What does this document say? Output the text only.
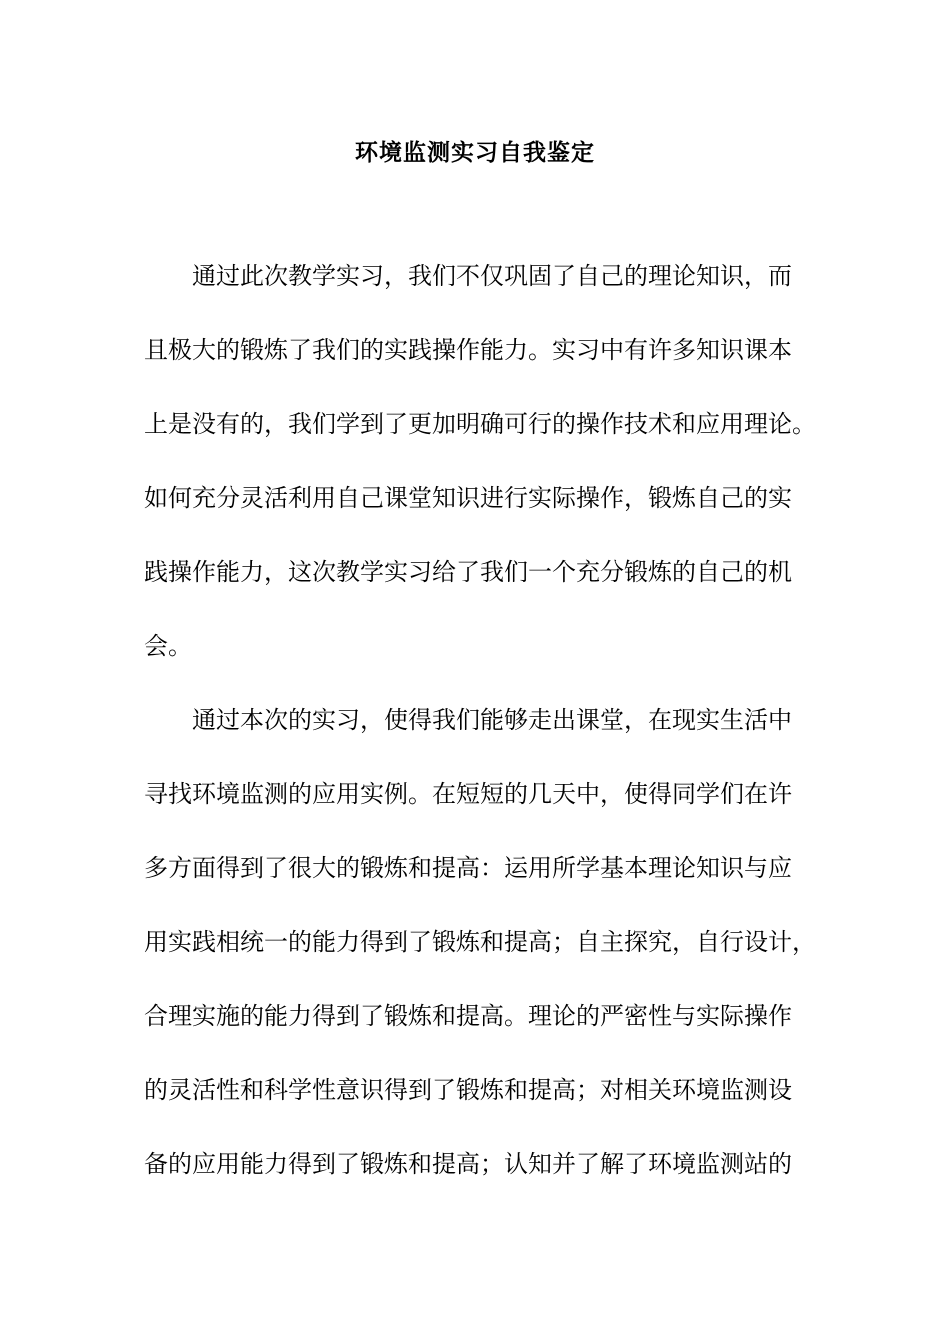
环境监测实习自我鉴定
通过此次教学实习，我们不仅巩固了自己的理论知识，而
且极大的锻炼了我们的实践操作能力。实习中有许多知识课本
上是没有的，我们学到了更加明确可行的操作技术和应用理论。
如何充分灵活利用自己课堂知识进行实际操作，锻炼自己的实
践操作能力，这次教学实习给了我们一个充分锻炼的自己的机
会。
通过本次的实习，使得我们能够走出课堂，在现实生活中
寻找环境监测的应用实例。在短短的几天中，使得同学们在许
多方面得到了很大的锻炼和提高：运用所学基本理论知识与应
用实践相统一的能力得到了锻炼和提高；自主探究，自行设计，
合理实施的能力得到了锻炼和提高。理论的严密性与实际操作
的灵活性和科学性意识得到了锻炼和提高；对相关环境监测设
备的应用能力得到了锻炼和提高；认知并了解了环境监测站的
